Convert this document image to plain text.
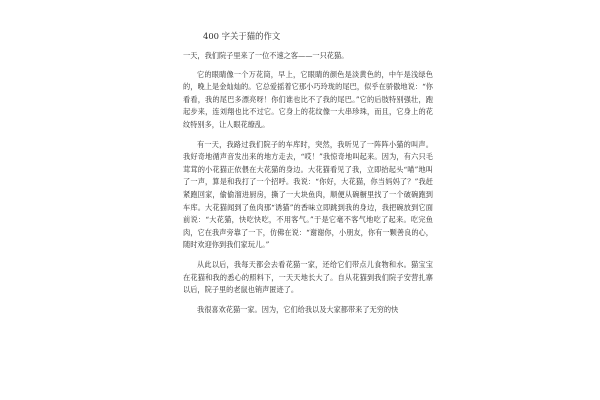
400 字关于猫的作文

一天，我们院子里来了一位不速之客——一只花猫。

它的眼睛像一个万花筒，早上，它眼睛的颜色是淡黄色的，中午是浅绿色的，晚上是金灿灿的。它总爱摇着它那小巧玲珑的尾巴，似乎在骄傲地说：“你看看，我的尾巴多漂亮呀！你们谁也比不了我的尾巴。”它的后肢特别强壮，跑起步来，连刘翔也比不过它。它身上的花纹像一大串珍珠，而且，它身上的花纹特别多，让人眼花缭乱。

有一天，我路过我们院子的车库时，突然，我听见了一阵阵小猫的叫声。我好奇地循声音发出来的地方走去，“哎！”我惊奇地叫起来。因为，有六只毛茸茸的小花猫正依偎在大花猫的身边。大花猫看见了我，立即抬起头“喵”地叫了一声，算是和我打了一个招呼。我说：“你好，大花猫，你当妈妈了？”我赶紧跑回家，偷偷溜进厨房，撕了一大块鱼肉，顺便从碗橱里找了一个破碗跑到车库。大花猫闻到了鱼肉那“诱猫”的香味立即跳到我的身边，我把碗放到它面前说：“大花猫，快吃快吃，不用客气。”于是它毫不客气地吃了起来。吃完鱼肉，它在我声旁靠了一下，仿佛在说：“谢谢你，小朋友，你有一颗善良的心，随时欢迎你到我们家玩儿。”

从此以后，我每天都会去看花猫一家，还给它们带点儿食物和水。猫宝宝在花猫和我的悉心的照料下，一天天地长大了。自从花猫到我们院子安营扎寨以后，院子里的老鼠也销声匿迹了。

我很喜欢花猫一家。因为，它们给我以及大家都带来了无穷的快
